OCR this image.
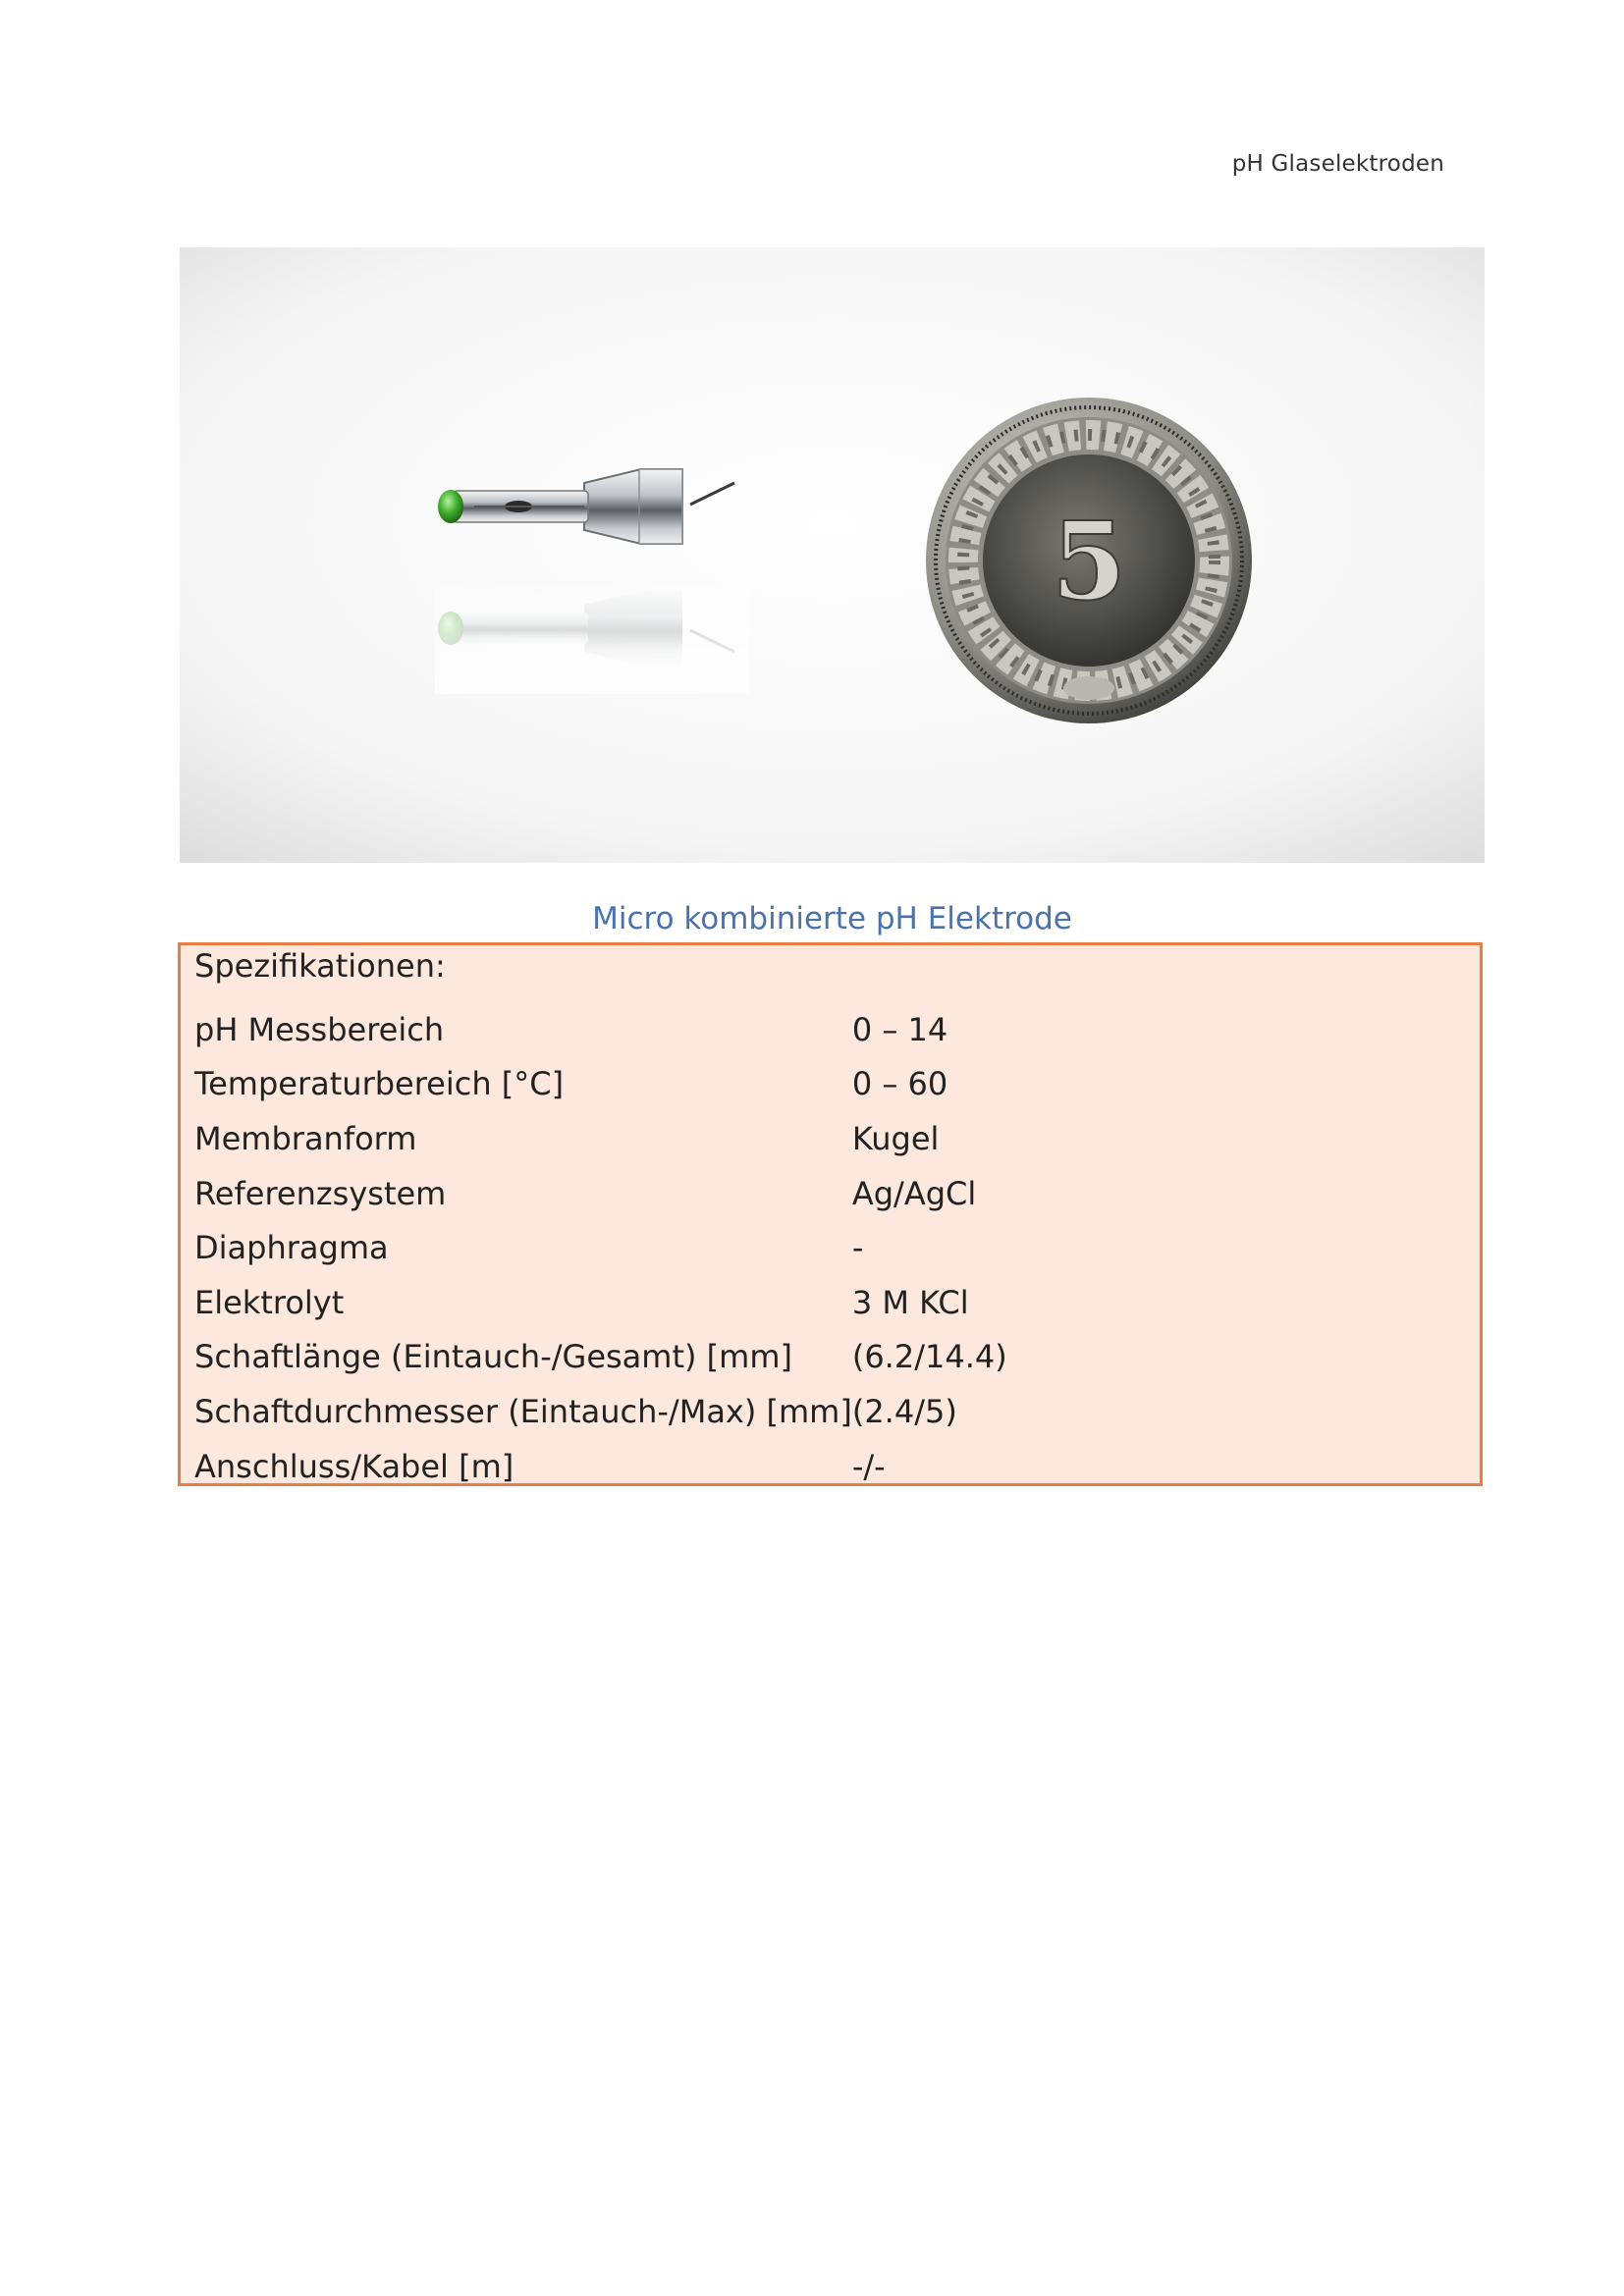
pH Glaselektroden
5
Micro kombinierte pH Elektrode
Spezifikationen:
pH Messbereich	0 – 14
Temperaturbereich [°C]	0 – 60
Membranform	Kugel
Referenzsystem	Ag/AgCl
Diaphragma	-
Elektrolyt	3 M KCl
Schaftlänge (Eintauch-/Gesamt) [mm]	(6.2/14.4)
Schaftdurchmesser (Eintauch-/Max) [mm]	(2.4/5)
Anschluss/Kabel [m]	-/-
